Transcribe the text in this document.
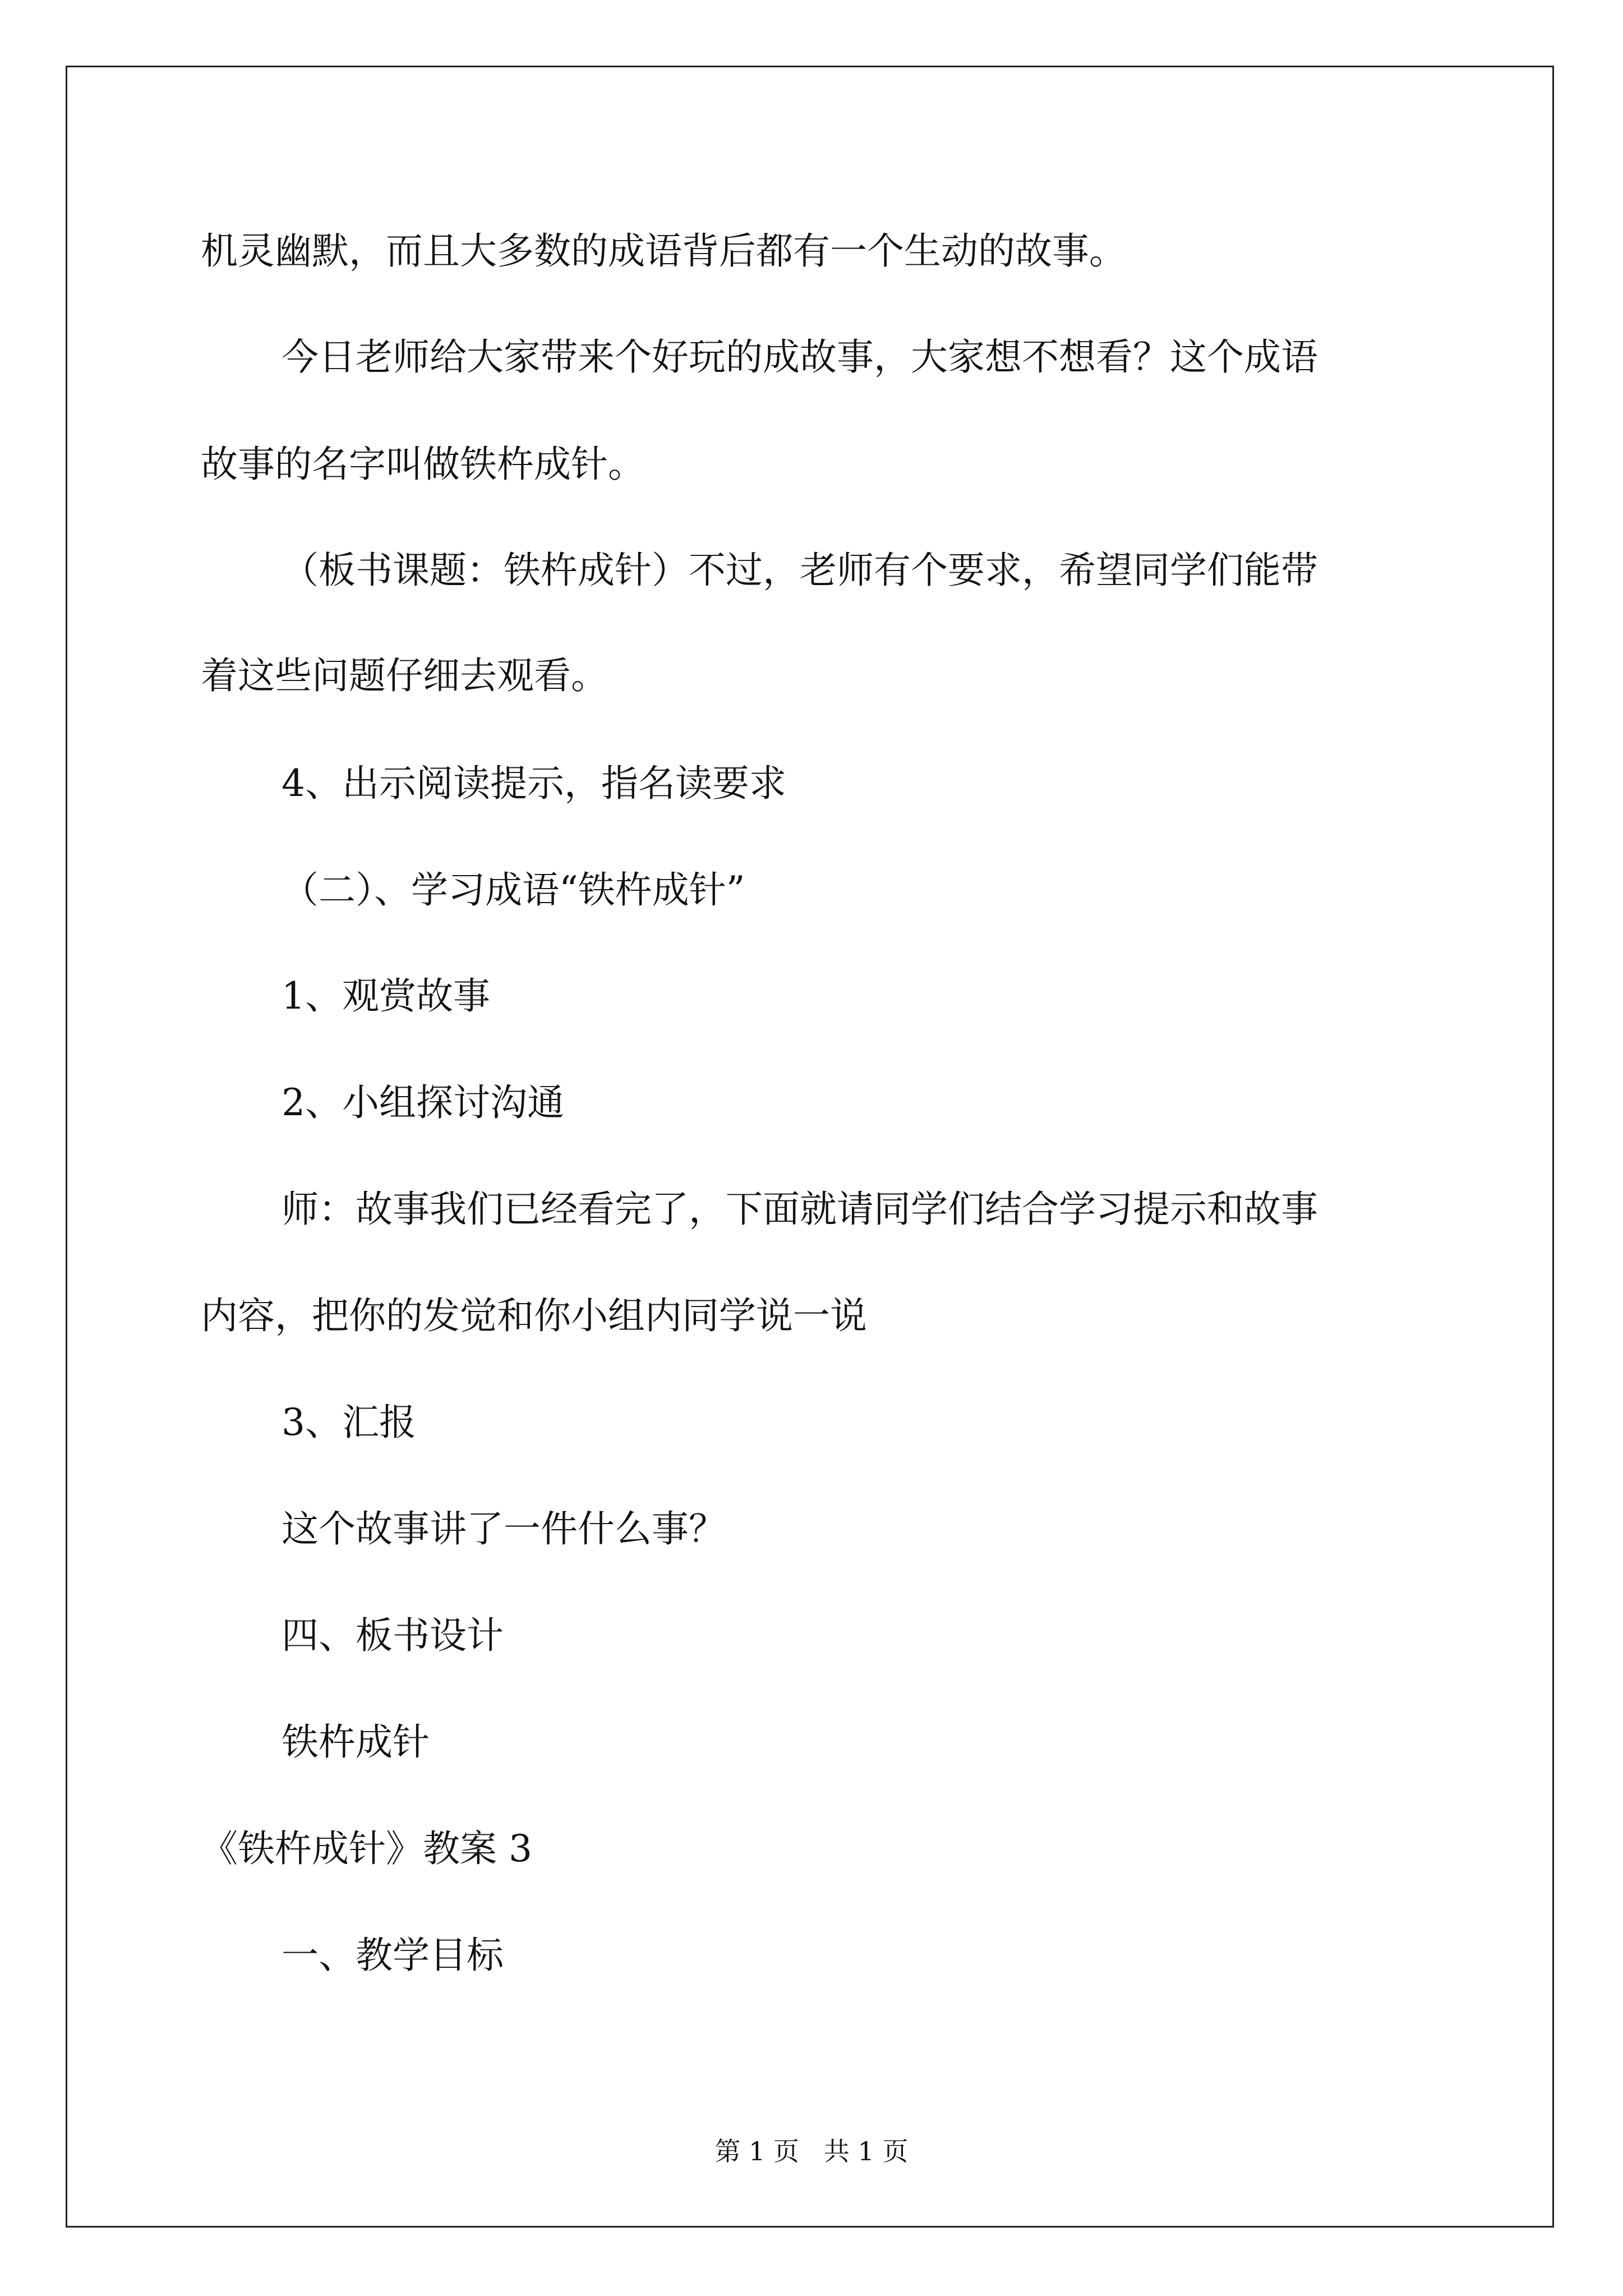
机灵幽默，而且大多数的成语背后都有一个生动的故事。
今日老师给大家带来个好玩的成故事，大家想不想看？这个成语
故事的名字叫做铁杵成针。
（板书课题：铁杵成针）不过，老师有个要求，希望同学们能带
着这些问题仔细去观看。
4、出示阅读提示，指名读要求
（二）、学习成语“铁杵成针”
1、观赏故事
2、小组探讨沟通
师：故事我们已经看完了，下面就请同学们结合学习提示和故事
内容，把你的发觉和你小组内同学说一说
3、汇报
这个故事讲了一件什么事？
四、板书设计
铁杵成针
《铁杵成针》教案 3
一、教学目标
第 1 页   共 1 页
